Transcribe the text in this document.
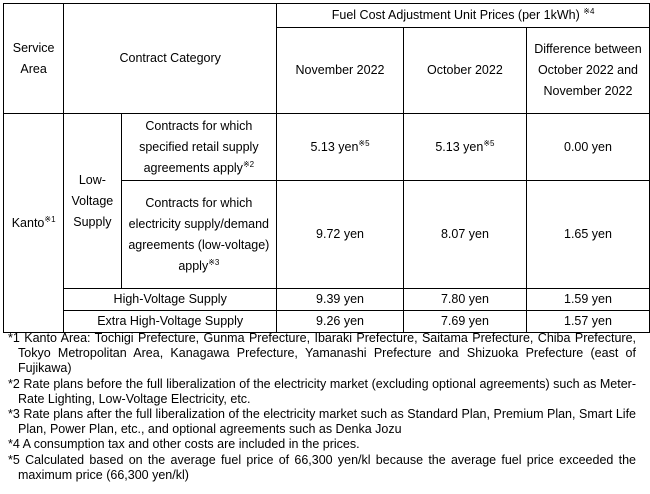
Service Area	Contract Category		Fuel Cost Adjustment Unit Prices (per 1kWh) $^{※4}$
			November 2022	October 2022	Difference between October 2022 and November 2022
Kanto$^{※1}$	Low-Voltage Supply	Contracts for which specified retail supply agreements apply$^{※2}$	5.13 yen$^{※5}$	5.13 yen$^{※5}$	0.00 yen
		Contracts for which electricity supply/demand agreements (low-voltage) apply$^{※3}$	9.72 yen	8.07 yen	1.65 yen
	High-Voltage Supply		9.39 yen	7.80 yen	1.59 yen
	Extra High-Voltage Supply		9.26 yen	7.69 yen	1.57 yen
*1 Kanto Area: Tochigi Prefecture, Gunma Prefecture, Ibaraki Prefecture, Saitama Prefecture, Chiba Prefecture, Tokyo Metropolitan Area, Kanagawa Prefecture, Yamanashi Prefecture and Shizuoka Prefecture (east of Fujikawa)
*2 Rate plans before the full liberalization of the electricity market (excluding optional agreements) such as Meter-Rate Lighting, Low-Voltage Electricity, etc.
*3 Rate plans after the full liberalization of the electricity market such as Standard Plan, Premium Plan, Smart Life Plan, Power Plan, etc., and optional agreements such as Denka Jozu
*4 A consumption tax and other costs are included in the prices.
*5 Calculated based on the average fuel price of 66,300 yen/kl because the average fuel price exceeded the maximum price (66,300 yen/kl)
